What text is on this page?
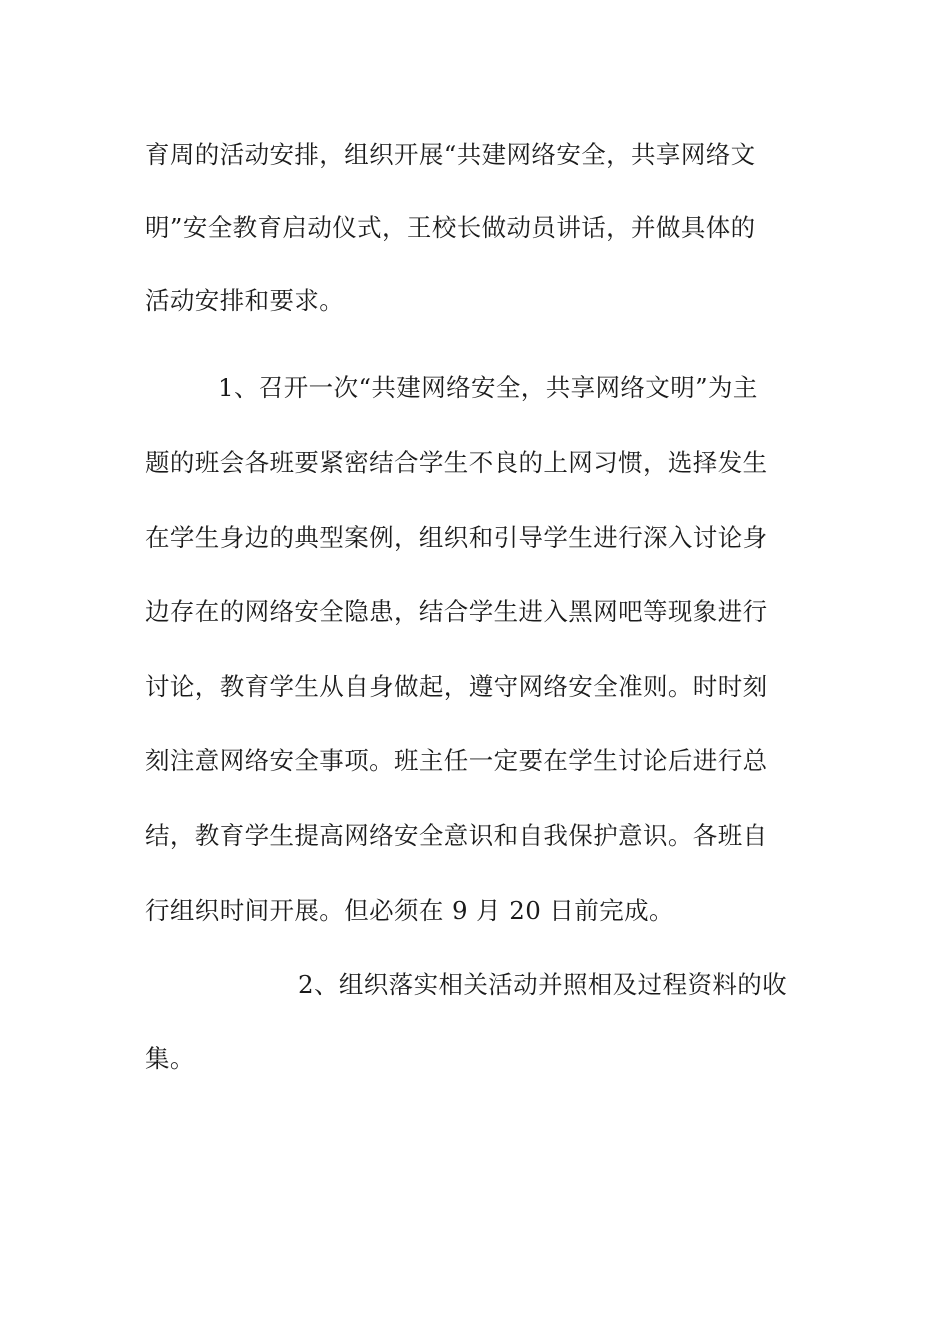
育周的活动安排，组织开展“共建网络安全，共享网络文
明”安全教育启动仪式，王校长做动员讲话，并做具体的
活动安排和要求。
1、召开一次“共建网络安全，共享网络文明”为主
题的班会各班要紧密结合学生不良的上网习惯，选择发生
在学生身边的典型案例，组织和引导学生进行深入讨论身
边存在的网络安全隐患，结合学生进入黑网吧等现象进行
讨论，教育学生从自身做起，遵守网络安全准则。时时刻
刻注意网络安全事项。班主任一定要在学生讨论后进行总
结，教育学生提高网络安全意识和自我保护意识。各班自
行组织时间开展。但必须在 9 月 20 日前完成。
2、组织落实相关活动并照相及过程资料的收
集。
